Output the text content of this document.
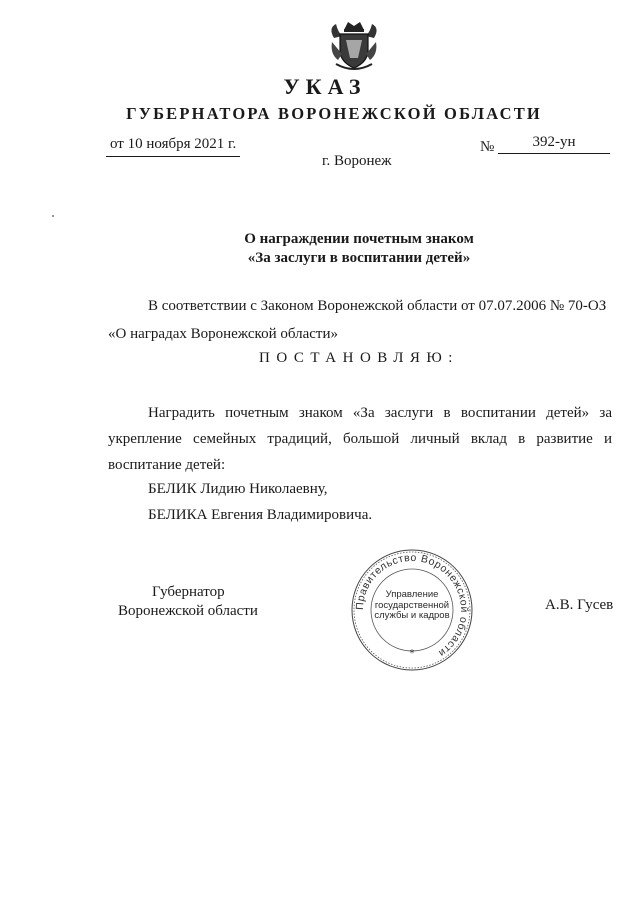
УКАЗ
ГУБЕРНАТОРА ВОРОНЕЖСКОЙ ОБЛАСТИ
от 10 ноября 2021 г.	№	392-ун
г. Воронеж
О награждении почетным знаком
«За заслуги в воспитании детей»
В соответствии с Законом Воронежской области от 07.07.2006 № 70-ОЗ
«О наградах Воронежской области»
ПОСТАНОВЛЯЮ:
Наградить почетным знаком «За заслуги в воспитании детей» за укрепление семейных традиций, большой личный вклад в развитие и воспитание детей:
БЕЛИК Лидию Николаевну,
БЕЛИКА Евгения Владимировича.
Губернатор
Воронежской области	Правительство Воронежской области
*
Управление
государственной
службы и кадров
А.В. Гусев
